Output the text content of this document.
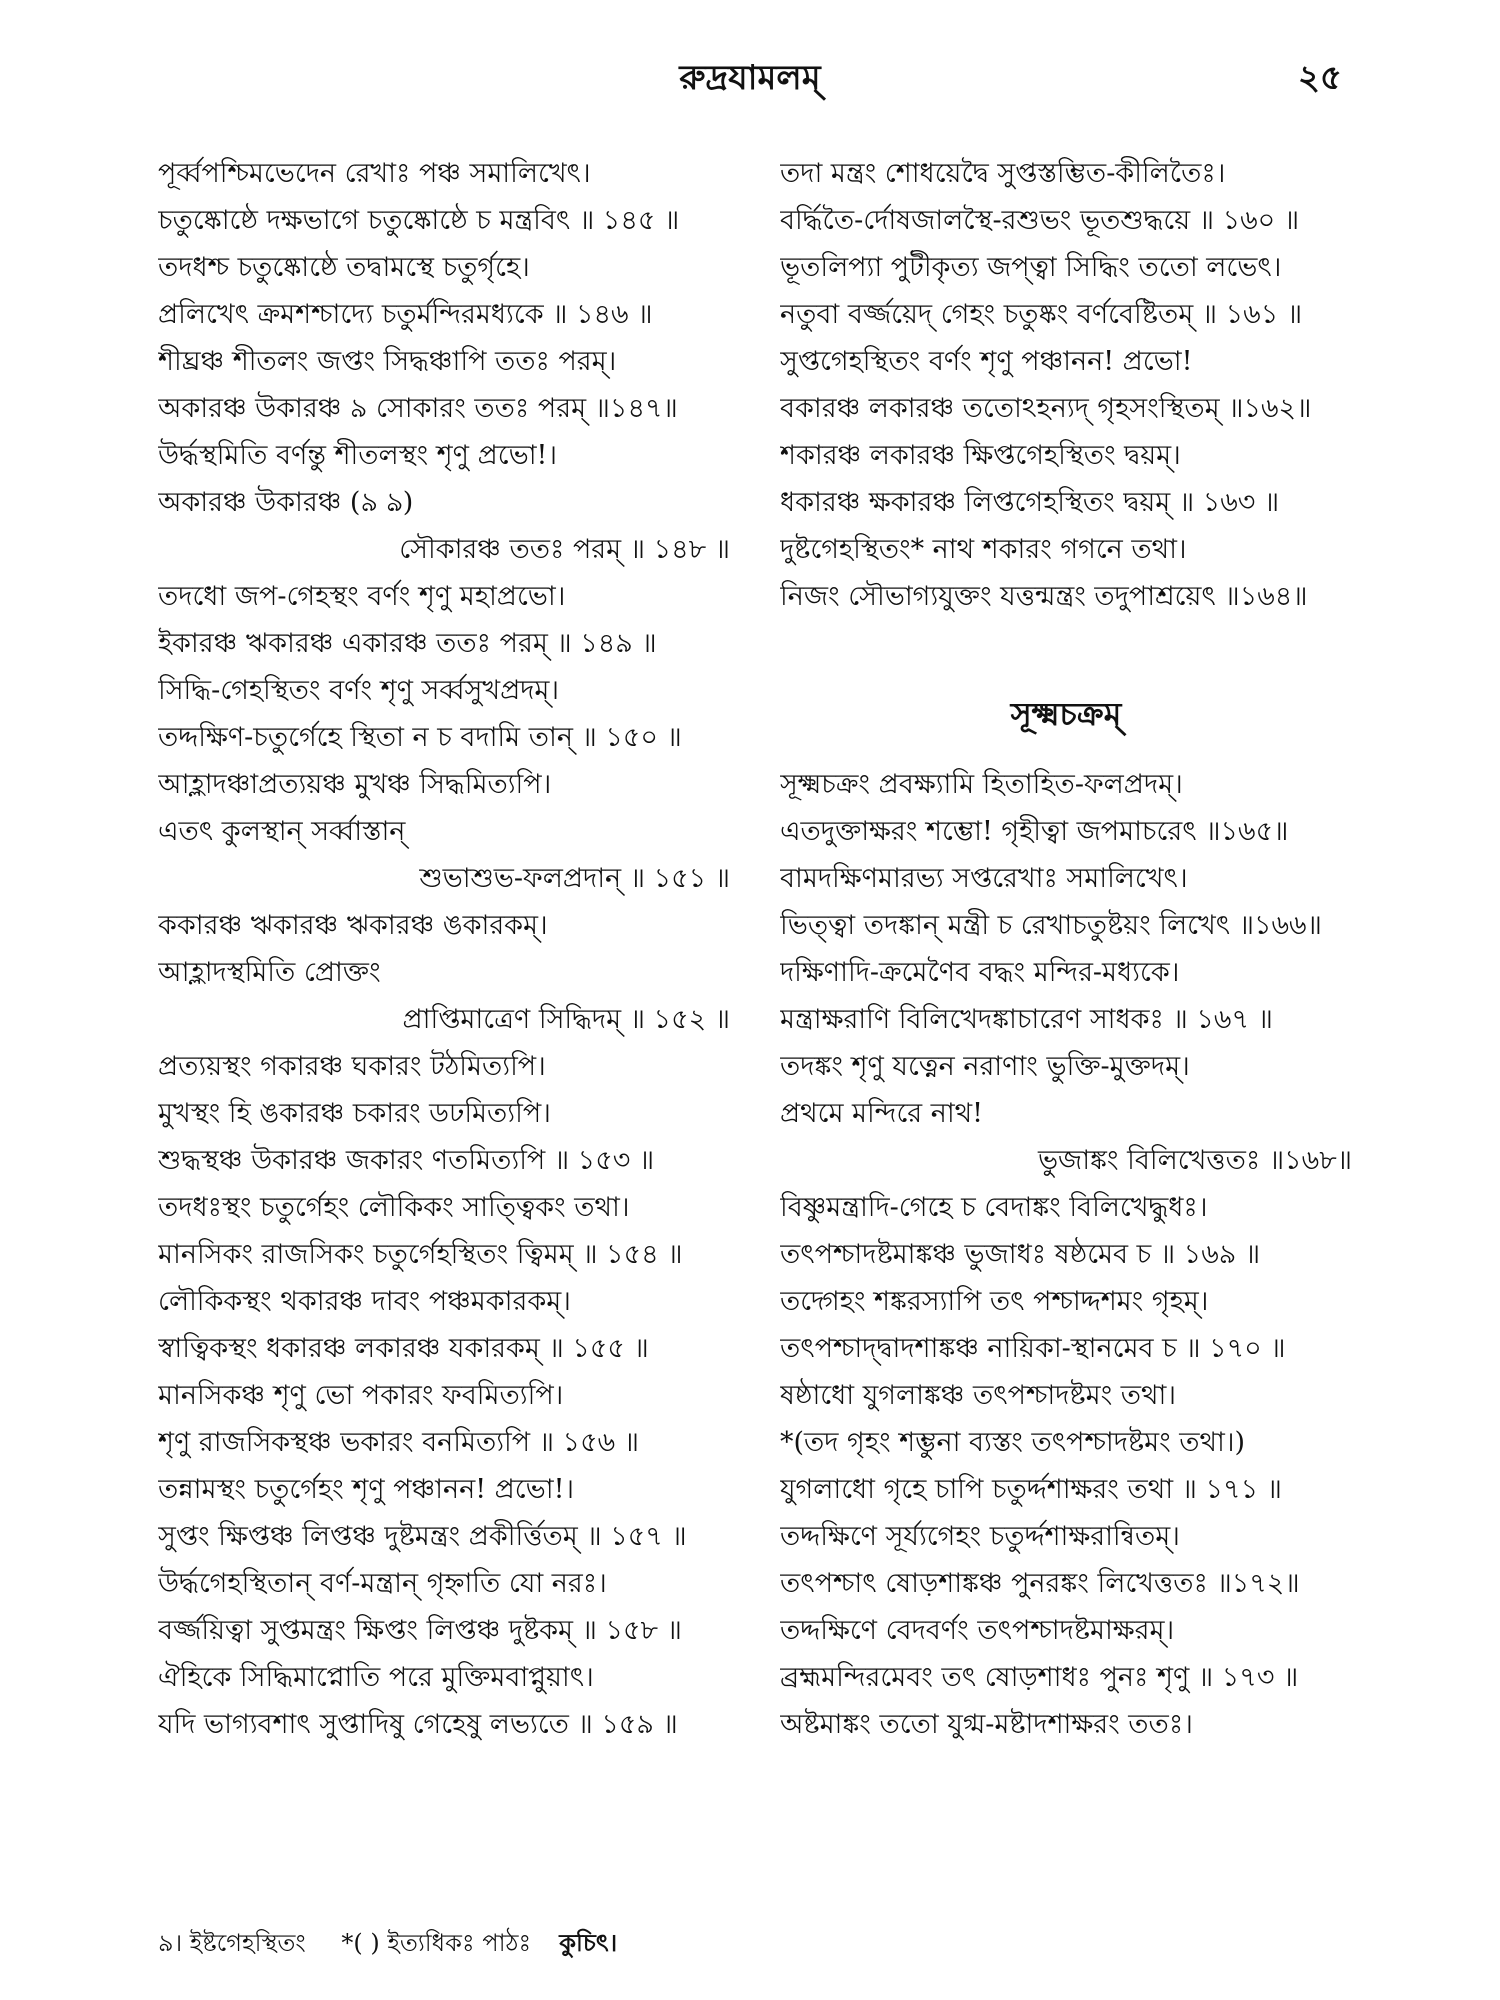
রুদ্রযামলম্	২৫
পূর্ব্বপশ্চিমভেদেন রেখাঃ পঞ্চ সমালিখেৎ।
চতুষ্কোষ্ঠে দক্ষভাগে চতুষ্কোষ্ঠে চ মন্ত্রবিৎ ॥ ১৪৫ ॥
তদধশ্চ চতুষ্কোষ্ঠে তদ্বামস্থে চতুর্গৃহে।
প্রলিখেৎ ক্রমশশ্চাদ্যে চতুর্মন্দিরমধ্যকে ॥ ১৪৬ ॥
শীঘ্রঞ্চ শীতলং জপ্তং সিদ্ধঞ্চাপি ততঃ পরম্।
অকারঞ্চ উকারঞ্চ ৯ সোকারং ততঃ পরম্ ॥১৪৭॥
উৰ্দ্ধস্থমিতি বর্ণন্তু শীতলস্থং শৃণু প্রভো!।
অকারঞ্চ উকারঞ্চ (৯ ঌ)
সৌকারঞ্চ ততঃ পরম্ ॥ ১৪৮ ॥
তদধো জপ-গেহস্থং বর্ণং শৃণু মহাপ্রভো।
ইকারঞ্চ ঋকারঞ্চ একারঞ্চ ততঃ পরম্ ॥ ১৪৯ ॥
সিদ্ধি-গেহস্থিতং বর্ণং শৃণু সর্ব্বসুখপ্রদম্।
তদ্দক্ষিণ-চতুর্গেহে স্থিতা ন চ বদামি তান্ ॥ ১৫০ ॥
আহ্লাদঞ্চাপ্রত্যয়ঞ্চ মুখঞ্চ সিদ্ধমিত্যপি।
এতৎ কুলস্থান্ সর্ব্বাস্তান্
শুভাশুভ-ফলপ্রদান্ ॥ ১৫১ ॥
ককারঞ্চ ঋকারঞ্চ ঋকারঞ্চ ঙকারকম্।
আহ্লাদস্থমিতি প্রোক্তং
প্রাপ্তিমাত্রেণ সিদ্ধিদম্ ॥ ১৫২ ॥
প্রত্যয়স্থং গকারঞ্চ ঘকারং টঠমিত্যপি।
মুখস্থং হি ঙকারঞ্চ চকারং ডঢমিত্যপি।
শুদ্ধস্থঞ্চ উকারঞ্চ জকারং ণতমিত্যপি ॥ ১৫৩ ॥
তদধঃস্থং চতুর্গেহং লৌকিকং সাত্ত্বিকং তথা।
মানসিকং রাজসিকং চতুর্গেহস্থিতং ত্বিমম্ ॥ ১৫৪ ॥
লৌকিকস্থং থকারঞ্চ দাবং পঞ্চমকারকম্।
স্বাত্বিকস্থং ধকারঞ্চ লকারঞ্চ যকারকম্ ॥ ১৫৫ ॥
মানসিকঞ্চ শৃণু ভো পকারং ফবমিত্যপি।
শৃণু রাজসিকস্থঞ্চ ভকারং বনমিত্যপি ॥ ১৫৬ ॥
তন্নামস্থং চতুর্গেহং শৃণু পঞ্চানন! প্রভো!।
সুপ্তং ক্ষিপ্তঞ্চ লিপ্তঞ্চ দুষ্টমন্ত্রং প্রকীর্ত্তিতম্ ॥ ১৫৭ ॥
উৰ্দ্ধগেহস্থিতান্ বর্ণ-মন্ত্রান্ গৃহ্নাতি যো নরঃ।
বর্জ্জয়িত্বা সুপ্তমন্ত্রং ক্ষিপ্তং লিপ্তঞ্চ দুষ্টকম্ ॥ ১৫৮ ॥
ঐহিকে সিদ্ধিমাপ্নোতি পরে মুক্তিমবাপ্নুয়াৎ।
যদি ভাগ্যবশাৎ সুপ্তাদিষু গেহেষু লভ্যতে ॥ ১৫৯ ॥
তদা মন্ত্রং শোধয়েদ্বৈ সুপ্তস্তম্ভিত-কীলিতৈঃ।
বর্দ্ধিতৈ-র্দোষজালস্থৈ-রশুভং ভূতশুদ্ধয়ে ॥ ১৬০ ॥
ভূতলিপ্যা পুটীকৃত্য জপ্ত্বা সিদ্ধিং ততো লভেৎ।
নতুবা বর্জ্জয়েদ্ গেহং চতুষ্কং বর্ণবেষ্টিতম্ ॥ ১৬১ ॥
সুপ্তগেহস্থিতং বর্ণং শৃণু পঞ্চানন! প্রভো!
বকারঞ্চ লকারঞ্চ ততোঽহন্যদ্ গৃহসংস্থিতম্ ॥১৬২॥
শকারঞ্চ লকারঞ্চ ক্ষিপ্তগেহস্থিতং দ্বয়ম্।
ধকারঞ্চ ক্ষকারঞ্চ লিপ্তগেহস্থিতং দ্বয়ম্ ॥ ১৬৩ ॥
দুষ্টগেহস্থিতং* নাথ শকারং গগনে তথা।
নিজং সৌভাগ্যযুক্তং যত্তন্মন্ত্রং তদুপাশ্রয়েৎ ॥১৬৪॥
সূক্ষ্মচক্রম্
সূক্ষ্মচক্রং প্রবক্ষ্যামি হিতাহিত-ফলপ্রদম্।
এতদুক্তাক্ষরং শম্ভো! গৃহীত্বা জপমাচরেৎ ॥১৬৫॥
বামদক্ষিণমারভ্য সপ্তরেখাঃ সমালিখেৎ।
ভিত্ত্বা তদঙ্কান্ মন্ত্রী চ রেখাচতুষ্টয়ং লিখেৎ ॥১৬৬॥
দক্ষিণাদি-ক্রমেণৈব বদ্ধং মন্দির-মধ্যকে।
মন্ত্রাক্ষরাণি বিলিখেদঙ্কাচারেণ সাধকঃ ॥ ১৬৭ ॥
তদঙ্কং শৃণু যত্নেন নরাণাং ভুক্তি-মুক্তদম্।
প্রথমে মন্দিরে নাথ!
ভুজাঙ্কং বিলিখেত্ততঃ ॥১৬৮॥
বিষ্ণুমন্ত্রাদি-গেহে চ বেদাঙ্কং বিলিখেদ্ধুধঃ।
তৎপশ্চাদষ্টমাঙ্কঞ্চ ভুজাধঃ ষষ্ঠমেব চ ॥ ১৬৯ ॥
তদ্গেহং শঙ্করস্যাপি তৎ পশ্চাদ্দশমং গৃহম্।
তৎপশ্চাদ্দ্বাদশাঙ্কঞ্চ নায়িকা-স্থানমেব চ ॥ ১৭০ ॥
ষষ্ঠাধো যুগলাঙ্কঞ্চ তৎপশ্চাদষ্টমং তথা।
*(তদ গৃহং শম্ভুনা ব্যস্তং তৎপশ্চাদষ্টমং তথা।)
যুগলাধো গৃহে চাপি চতুর্দ্দশাক্ষরং তথা ॥ ১৭১ ॥
তদ্দক্ষিণে সূর্য্যগেহং চতুর্দ্দশাক্ষরান্বিতম্।
তৎপশ্চাৎ ষোড়শাঙ্কঞ্চ পুনরঙ্কং লিখেত্ততঃ ॥১৭২॥
তদ্দক্ষিণে বেদবর্ণং তৎপশ্চাদষ্টমাক্ষরম্।
ব্রহ্মমন্দিরমেবং তৎ ষোড়শাধঃ পুনঃ শৃণু ॥ ১৭৩ ॥
অষ্টমাঙ্কং ততো যুগ্ম-মষ্টাদশাক্ষরং ততঃ।
৯। ইষ্টগেহস্থিতং *( ) ইত্যধিকঃ পাঠঃ কুচিৎ।
